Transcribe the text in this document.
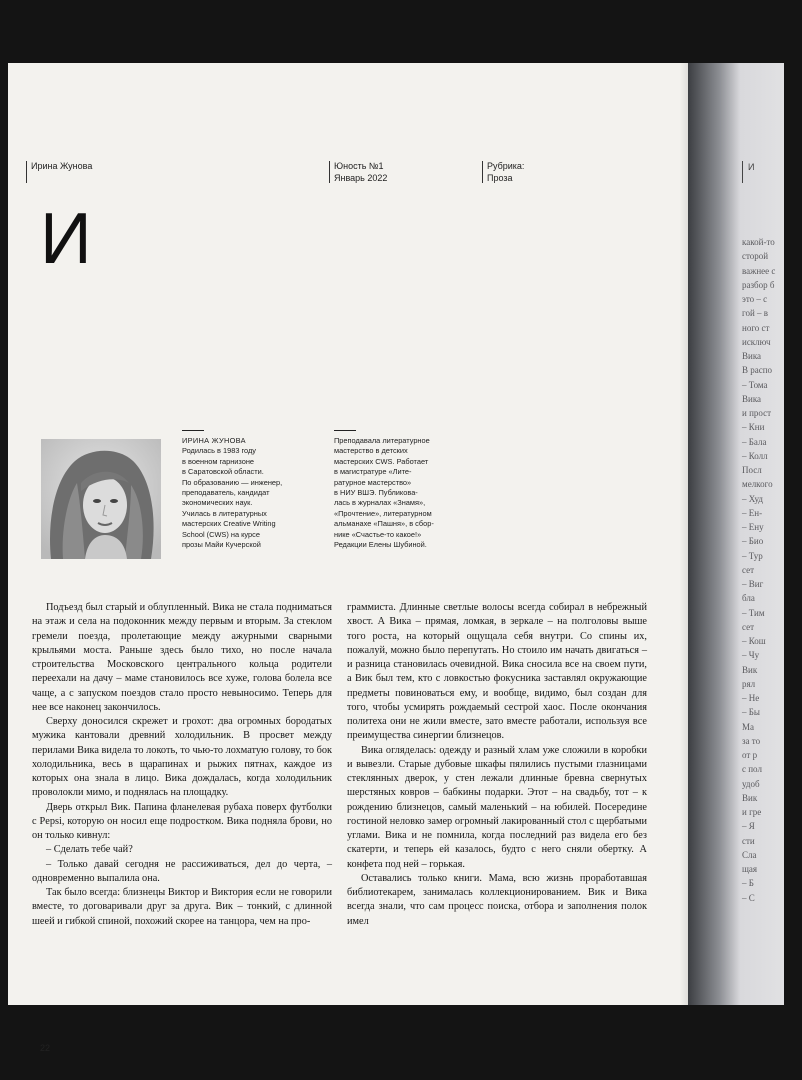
Ирина Жунова	Юность №1
Январь 2022
Рубрика:
Проза
И
ИРИНА ЖУНОВА
Родилась в 1983 году
в военном гарнизоне
в Саратовской области.
По образованию — инженер,
преподаватель, кандидат
экономических наук.
Училась в литературных
мастерских Creative Writing
School (CWS) на курсе
прозы Майи Кучерской
Преподавала литературное
мастерство в детских
мастерских CWS. Работает
в магистратуре «Лите-
ратурное мастерство»
в НИУ ВШЭ. Публикова-
лась в журналах «Знамя»,
«Прочтение», литературном
альманахе «Пашня», в сбор-
нике «Счастье-то какое!»
Редакции Елены Шубиной.

Подъезд был старый и облупленный. Вика не стала подниматься на этаж и села на подоконник между первым и вторым. За стеклом гремели поезда, пролетающие между ажурными сварными крыльями моста. Раньше здесь было тихо, но после начала строительства Московского центрального кольца родители переехали на дачу – маме становилось все хуже, голова болела все чаще, а с запуском поездов стало просто невыносимо. Теперь для нее все наконец закончилось.

Сверху доносился скрежет и грохот: два огромных бородатых мужика кантовали древний холодильник. В просвет между перилами Вика видела то локоть, то чью-то лохматую голову, то бок холодильника, весь в щарапинах и рыжих пятнах, каждое из которых она знала в лицо. Вика дождалась, когда холодильник проволокли мимо, и поднялась на площадку.

Дверь открыл Вик. Папина фланелевая рубаха поверх футболки с Pepsi, которую он носил еще подростком. Вика подняла брови, но он только кивнул:

– Сделать тебе чай?

– Только давай сегодня не рассиживаться, дел до черта, – одновременно выпалила она.

Так было всегда: близнецы Виктор и Виктория если не говорили вместе, то договаривали друг за друга. Вик – тонкий, с длинной шеей и гибкой спиной, похожий скорее на танцора, чем на про-

граммиста. Длинные светлые волосы всегда собирал в небрежный хвост. А Вика – прямая, ломкая, в зеркале – на полголовы выше того роста, на который ощущала себя внутри. Со спины их, пожалуй, можно было перепутать. Но стоило им начать двигаться – и разница становилась очевидной. Вика сносила все на своем пути, а Вик был тем, кто с ловкостью фокусника заставлял окружающие предметы повиноваться ему, и вообще, видимо, был создан для того, чтобы усмирять рождаемый сестрой хаос. После окончания политеха они не жили вместе, зато вместе работали, используя все преимущества синергии близнецов.

Вика огляделась: одежду и разный хлам уже сложили в коробки и вывезли. Старые дубовые шкафы пялились пустыми глазницами стеклянных дверок, у стен лежали длинные бревна свернутых шерстяных ковров – бабкины подарки. Этот – на свадьбу, тот – к рождению близнецов, самый маленький – на юбилей. Посередине гостиной неловко замер огромный лакированный стол с щербатыми углами. Вика и не помнила, когда последний раз видела его без скатерти, и теперь ей казалось, будто с него сняли обертку. А конфета под ней – горькая.

Оставались только книги. Мама, всю жизнь проработавшая библиотекарем, занималась коллекционированием. Вик и Вика всегда знали, что сам процесс поиска, отбора и заполнения полок имел

22
И
какой-то
сторой
важнее с
разбор б
это – с
гой – в
ного ст
исключ
Вика
В распо
– Тома
Вика
и прост
– Кни
– Бала
– Колл
Посл
мелкого
– Худ
– Ен-
– Ену
– Био
– Тур
сет
– Виг
бла
– Тим
сет
– Кош
– Чу
Вик
рял
– Не
– Бы
Ма
за то
от р
с пол
удоб
Вик
и гре
– Я
сти
Сла
щая
– Б
– С
